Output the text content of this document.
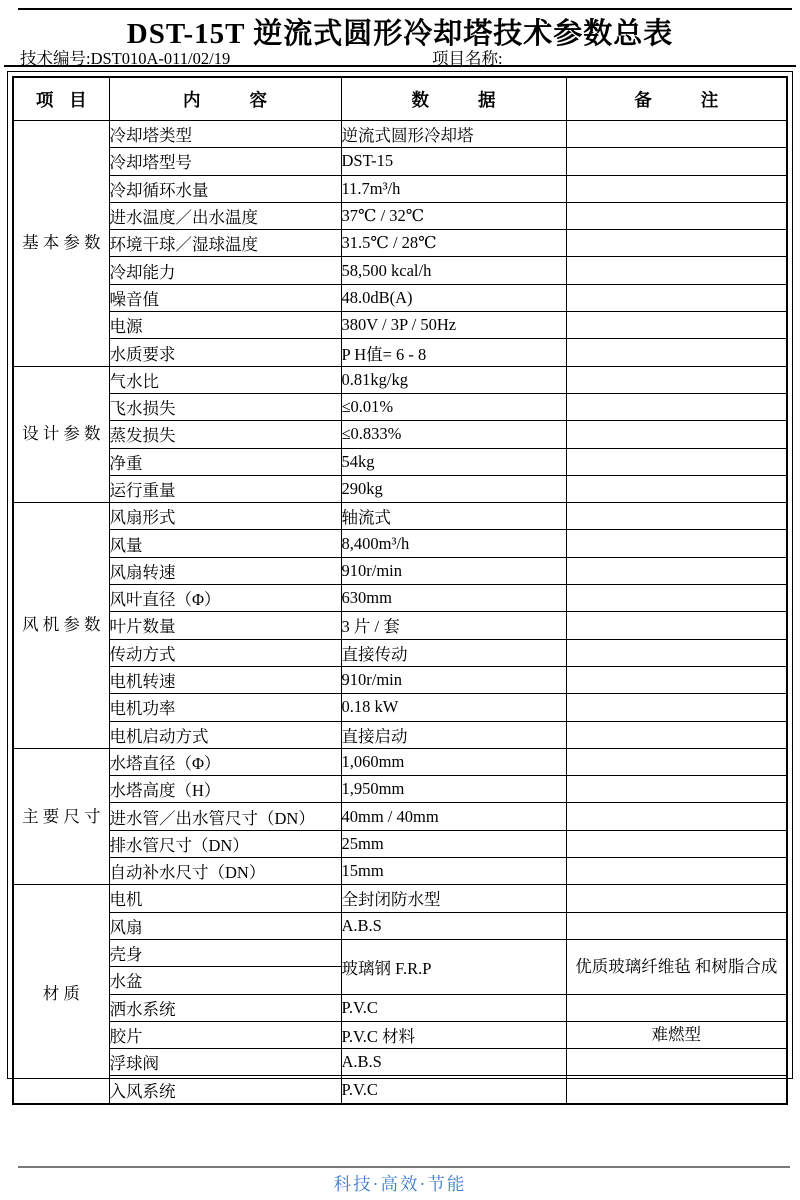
DST-15T 逆流式圆形冷却塔技术参数总表
技术编号:DST010A-011/02/19	项目名称:
项目	内容	数据	备注
基 本 参 数	冷却塔类型	逆流式圆形冷却塔	
	冷却塔型号	DST-15	
	冷却循环水量	11.7m³/h	
	进水温度／出水温度	37℃ / 32℃	
	环境干球／湿球温度	31.5℃ / 28℃	
	冷却能力	58,500 kcal/h	
	噪音值	48.0dB(A)	
	电源	380V / 3P / 50Hz	
	水质要求	P H值= 6 - 8	
设 计 参 数	气水比	0.81kg/kg	
	飞水损失	≤0.01%	
	蒸发损失	≤0.833%	
	净重	54kg	
	运行重量	290kg	
风 机 参 数	风扇形式	轴流式	
	风量	8,400m³/h	
	风扇转速	910r/min	
	风叶直径（Φ）	630mm	
	叶片数量	3 片 / 套	
	传动方式	直接传动	
	电机转速	910r/min	
	电机功率	0.18 kW	
	电机启动方式	直接启动	
主 要 尺 寸	水塔直径（Φ）	1,060mm	
	水塔高度（H）	1,950mm	
	进水管／出水管尺寸（DN）	40mm / 40mm	
	排水管尺寸（DN）	25mm	
	自动补水尺寸（DN）	15mm	
材 质	电机	全封闭防水型	
	风扇	A.B.S	
	壳身	玻璃钢 F.R.P	优质玻璃纤维毡 和树脂合成
	水盆		
	洒水系统	P.V.C	
	胶片	P.V.C 材料	难燃型
	浮球阀	A.B.S	
	入风系统	P.V.C	
科技·高效·节能
